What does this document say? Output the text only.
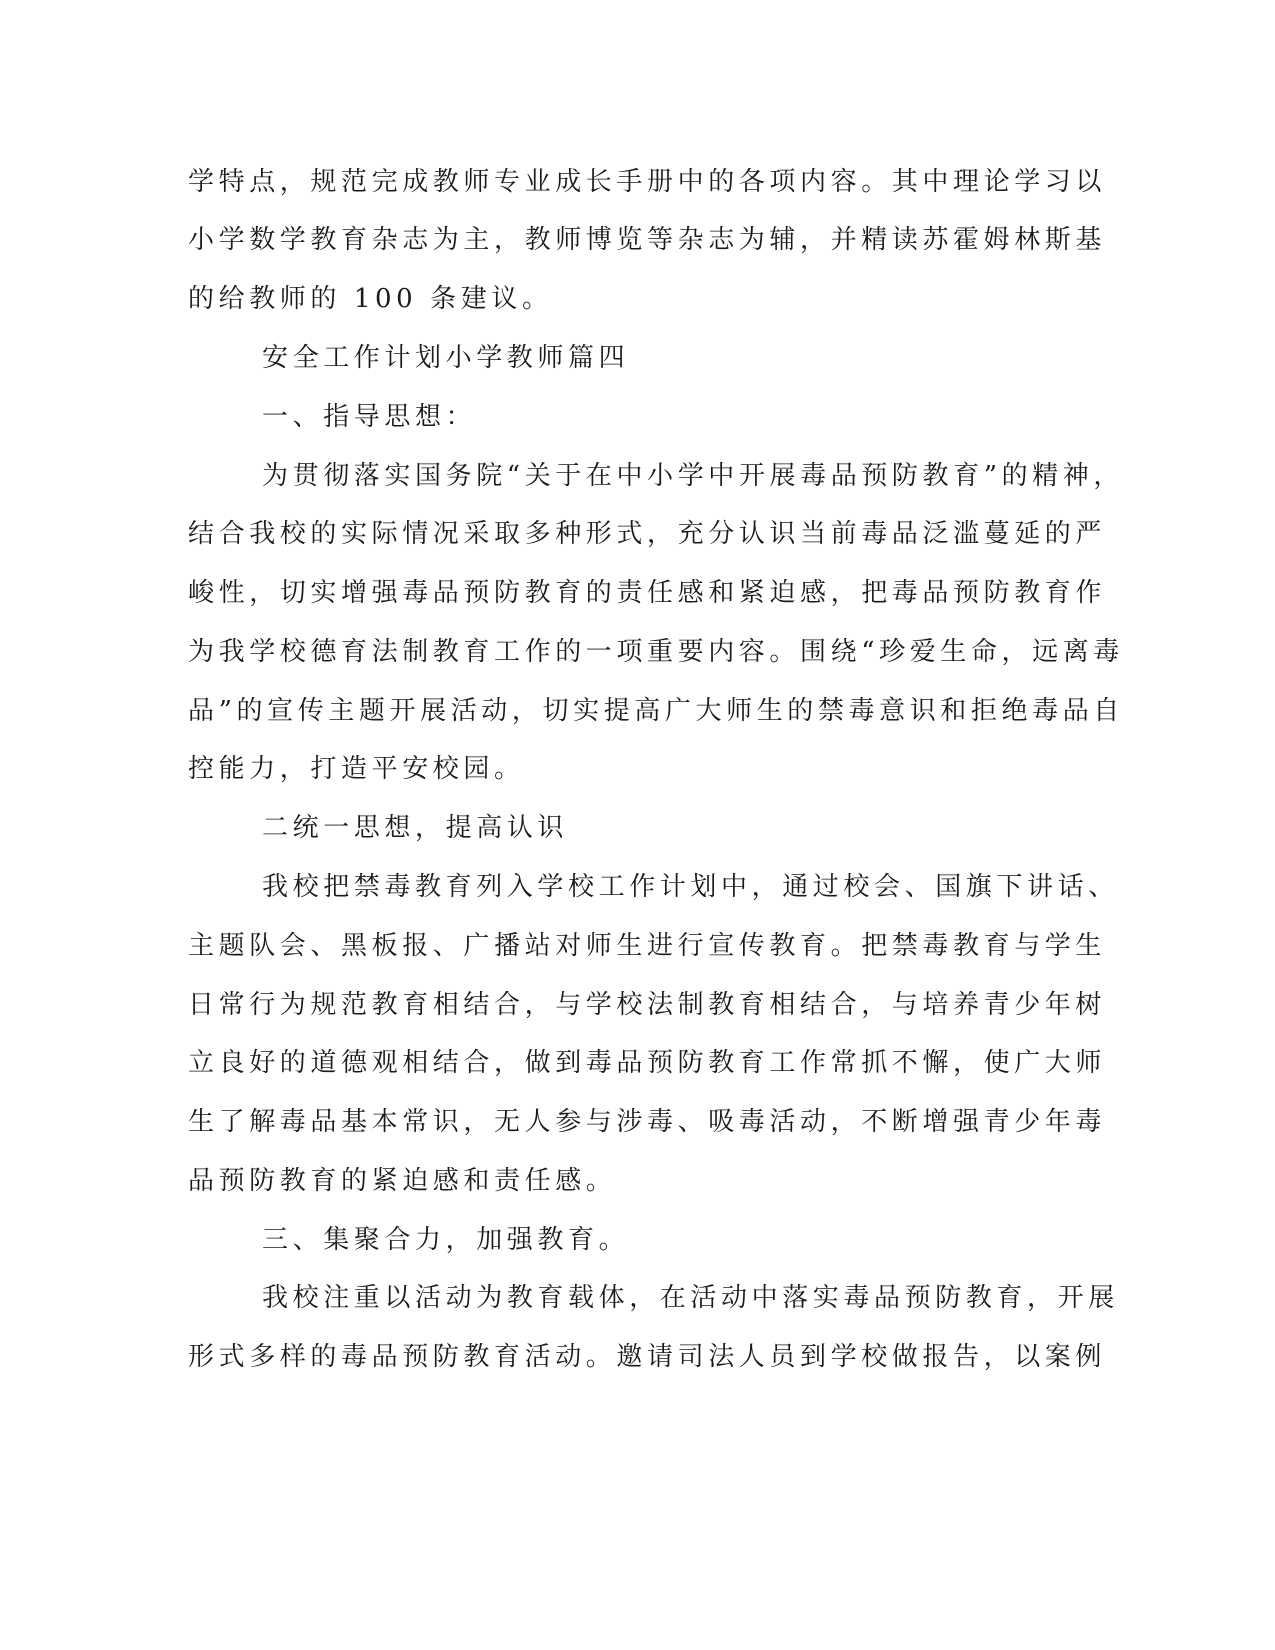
学特点，规范完成教师专业成长手册中的各项内容。其中理论学习以
小学数学教育杂志为主，教师博览等杂志为辅，并精读苏霍姆林斯基
的给教师的 100 条建议。
安全工作计划小学教师篇四
一、指导思想：
为贯彻落实国务院“关于在中小学中开展毒品预防教育”的精神，
结合我校的实际情况采取多种形式，充分认识当前毒品泛滥蔓延的严
峻性，切实增强毒品预防教育的责任感和紧迫感，把毒品预防教育作
为我学校德育法制教育工作的一项重要内容。围绕“珍爱生命，远离毒
品”的宣传主题开展活动，切实提高广大师生的禁毒意识和拒绝毒品自
控能力，打造平安校园。
二统一思想，提高认识
我校把禁毒教育列入学校工作计划中，通过校会、国旗下讲话、
主题队会、黑板报、广播站对师生进行宣传教育。把禁毒教育与学生
日常行为规范教育相结合，与学校法制教育相结合，与培养青少年树
立良好的道德观相结合，做到毒品预防教育工作常抓不懈，使广大师
生了解毒品基本常识，无人参与涉毒、吸毒活动，不断增强青少年毒
品预防教育的紧迫感和责任感。
三、集聚合力，加强教育。
我校注重以活动为教育载体，在活动中落实毒品预防教育，开展
形式多样的毒品预防教育活动。邀请司法人员到学校做报告，以案例
